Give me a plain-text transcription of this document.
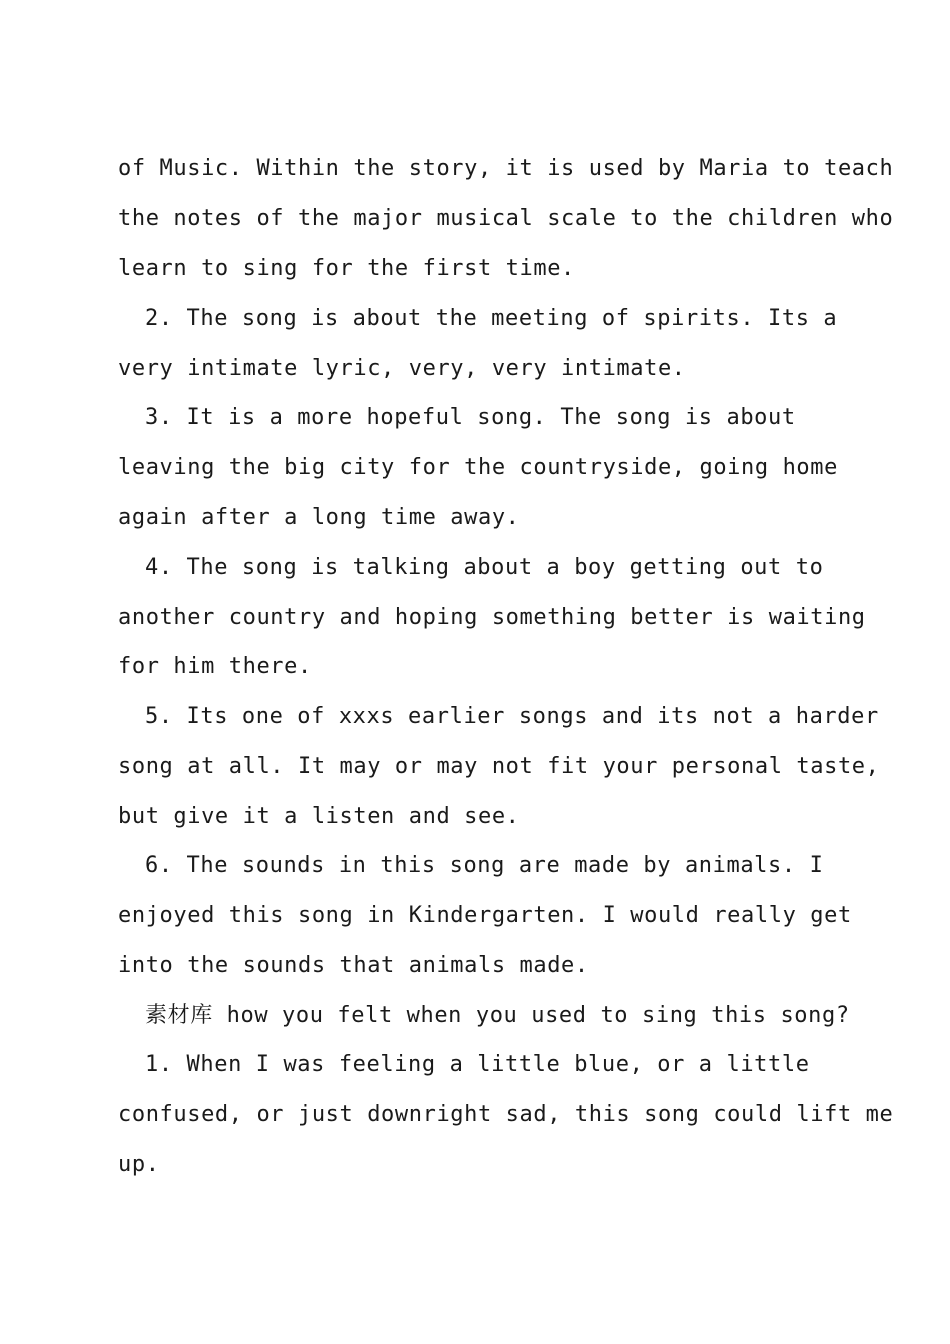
of Music. Within the story, it is used by Maria to teach
the notes of the major musical scale to the children who
learn to sing for the first time.
2. The song is about the meeting of spirits. Its a
very intimate lyric, very, very intimate.
3. It is a more hopeful song. The song is about
leaving the big city for the countryside, going home
again after a long time away.
4. The song is talking about a boy getting out to
another country and hoping something better is waiting
for him there.
5. Its one of xxxs earlier songs and its not a harder
song at all. It may or may not fit your personal taste,
but give it a listen and see.
6. The sounds in this song are made by animals. I
enjoyed this song in Kindergarten. I would really get
into the sounds that animals made.
素材库 how you felt when you used to sing this song?
1. When I was feeling a little blue, or a little
confused, or just downright sad, this song could lift me
up.
